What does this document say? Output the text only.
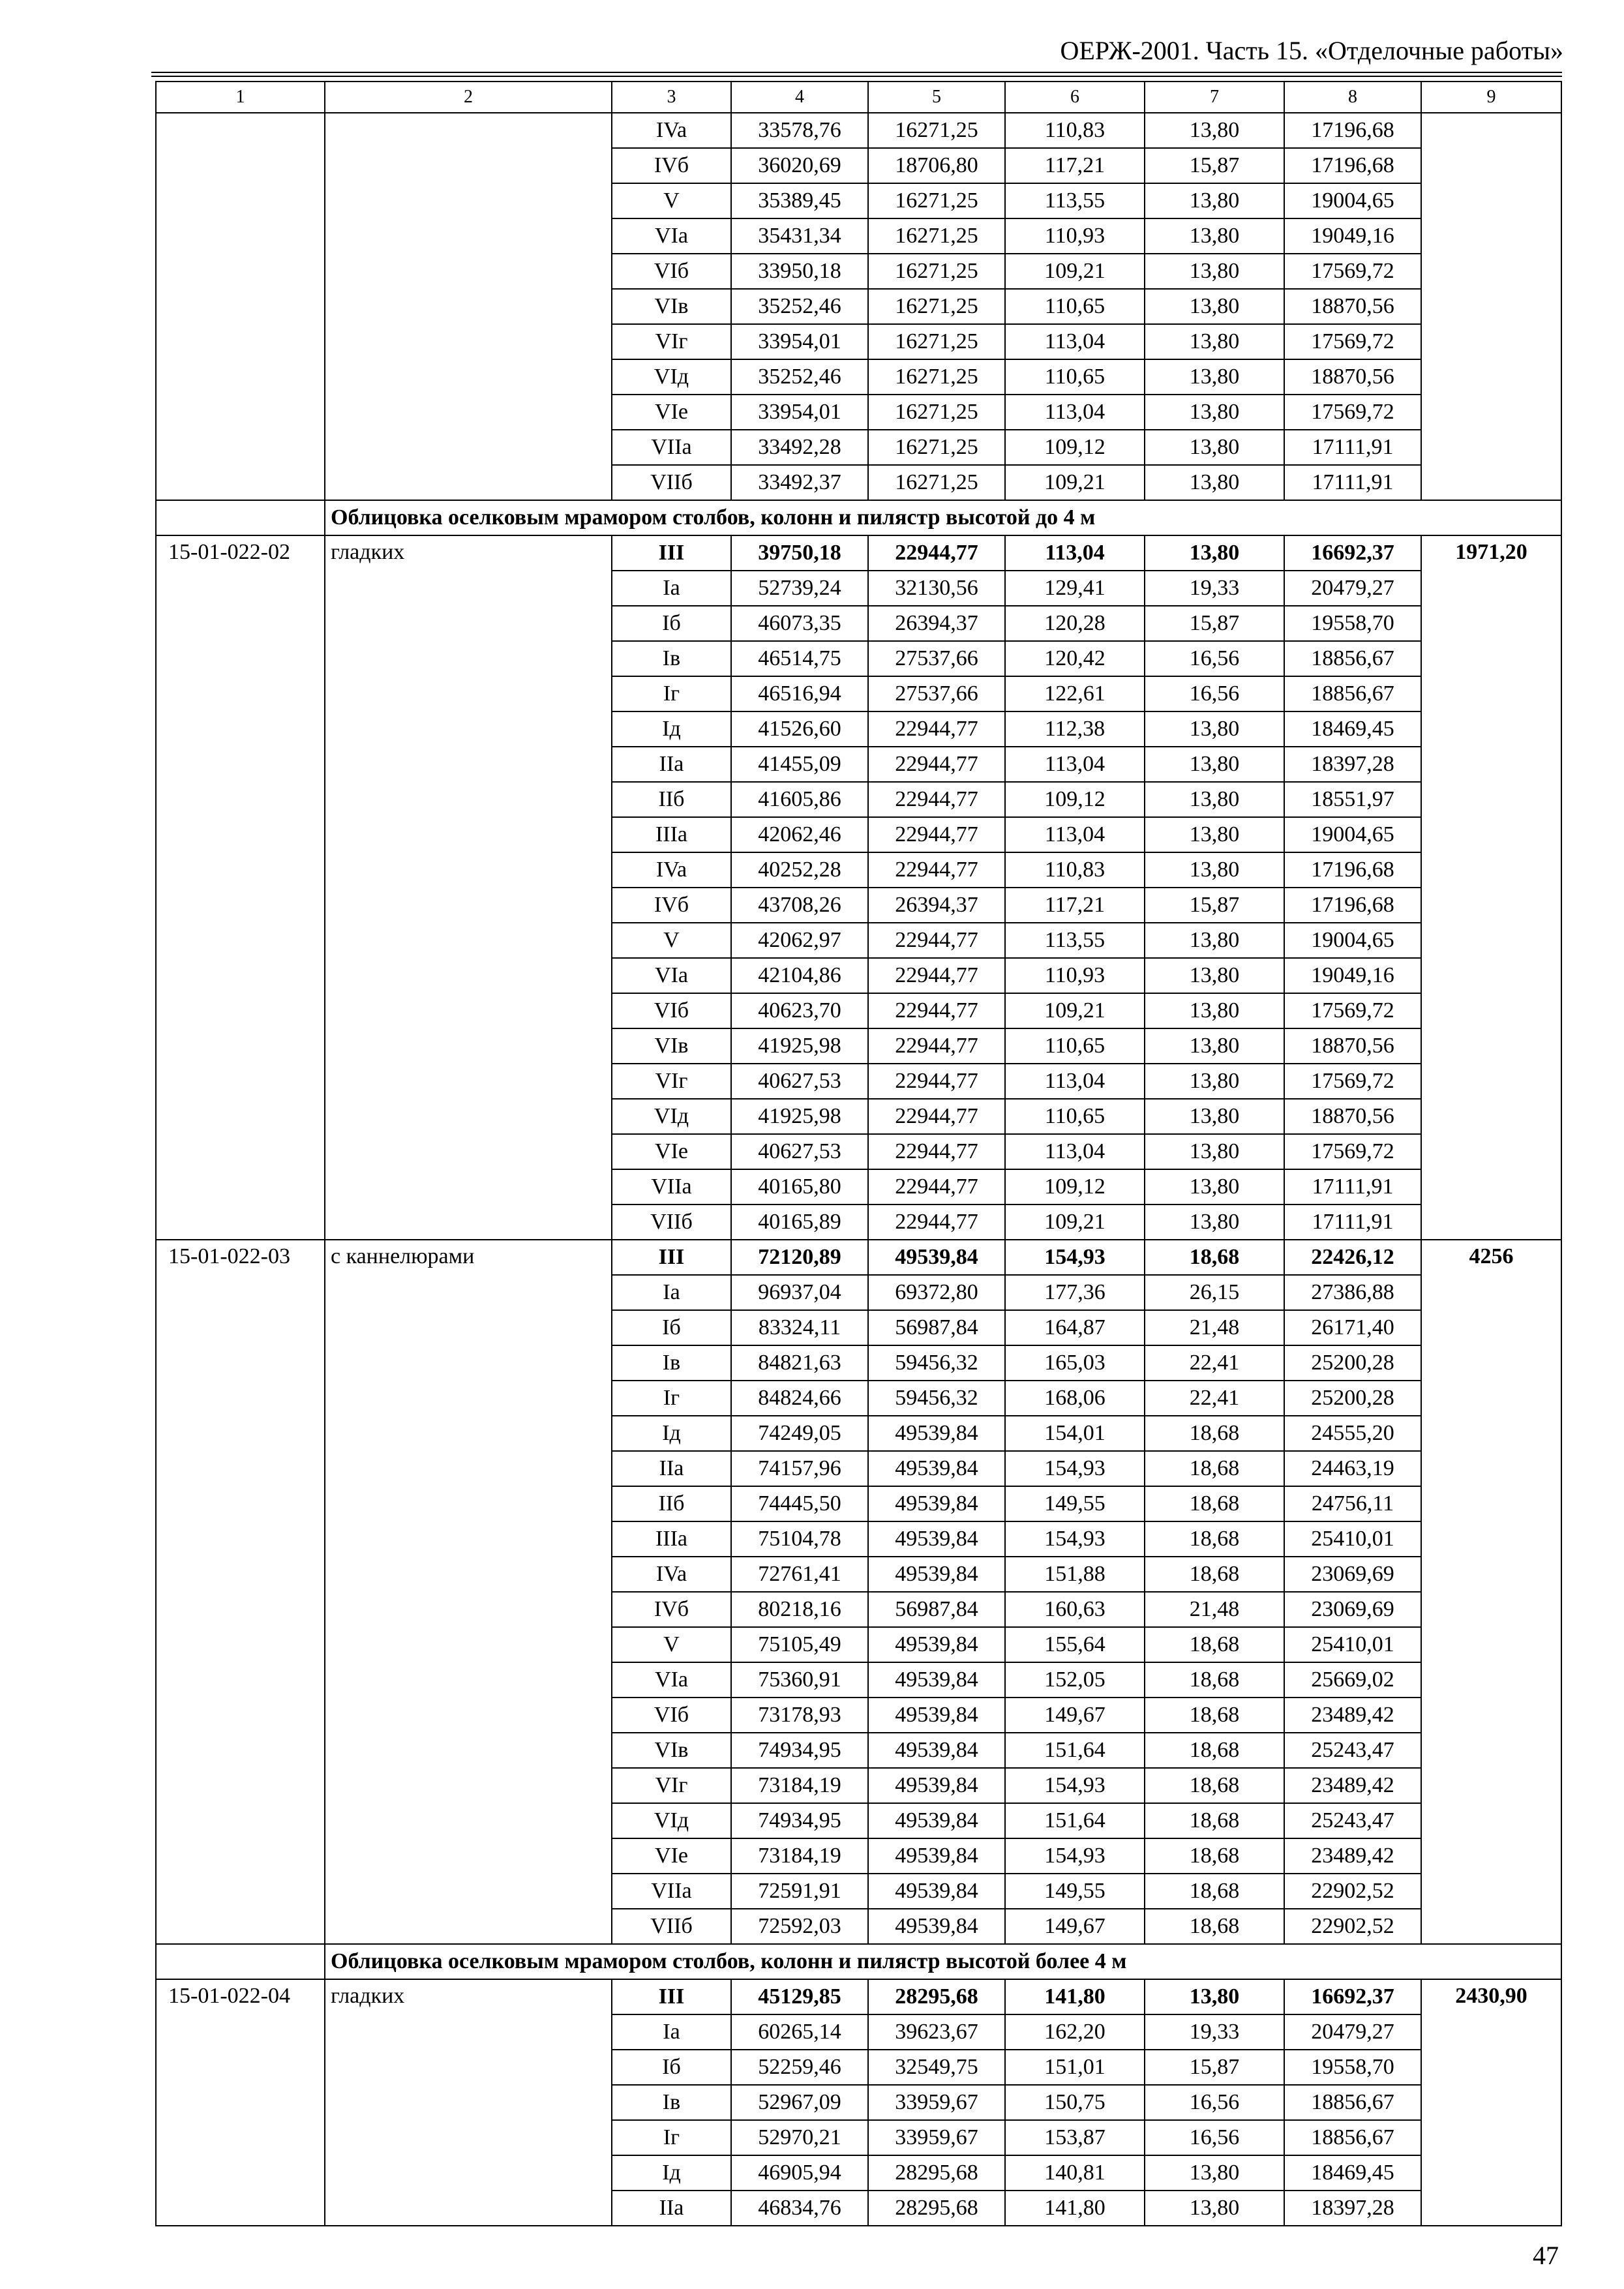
ОЕРЖ-2001. Часть 15. «Отделочные работы»
1	2	3	4	5	6	7	8	9
		IVa	33578,76	16271,25	110,83	13,80	17196,68	
		IVб	36020,69	18706,80	117,21	15,87	17196,68	
		V	35389,45	16271,25	113,55	13,80	19004,65	
		VIa	35431,34	16271,25	110,93	13,80	19049,16	
		VIб	33950,18	16271,25	109,21	13,80	17569,72	
		VIв	35252,46	16271,25	110,65	13,80	18870,56	
		VIг	33954,01	16271,25	113,04	13,80	17569,72	
		VIд	35252,46	16271,25	110,65	13,80	18870,56	
		VIe	33954,01	16271,25	113,04	13,80	17569,72	
		VIIa	33492,28	16271,25	109,12	13,80	17111,91	
		VIIб	33492,37	16271,25	109,21	13,80	17111,91	
	Облицовка оселковым мрамором столбов, колонн и пилястр высотой до 4 м							
15-01-022-02	гладких	III	39750,18	22944,77	113,04	13,80	16692,37	1971,20
		Ia	52739,24	32130,56	129,41	19,33	20479,27	
		Iб	46073,35	26394,37	120,28	15,87	19558,70	
		Iв	46514,75	27537,66	120,42	16,56	18856,67	
		Iг	46516,94	27537,66	122,61	16,56	18856,67	
		Iд	41526,60	22944,77	112,38	13,80	18469,45	
		IIa	41455,09	22944,77	113,04	13,80	18397,28	
		IIб	41605,86	22944,77	109,12	13,80	18551,97	
		IIIa	42062,46	22944,77	113,04	13,80	19004,65	
		IVa	40252,28	22944,77	110,83	13,80	17196,68	
		IVб	43708,26	26394,37	117,21	15,87	17196,68	
		V	42062,97	22944,77	113,55	13,80	19004,65	
		VIa	42104,86	22944,77	110,93	13,80	19049,16	
		VIб	40623,70	22944,77	109,21	13,80	17569,72	
		VIв	41925,98	22944,77	110,65	13,80	18870,56	
		VIг	40627,53	22944,77	113,04	13,80	17569,72	
		VIд	41925,98	22944,77	110,65	13,80	18870,56	
		VIe	40627,53	22944,77	113,04	13,80	17569,72	
		VIIa	40165,80	22944,77	109,12	13,80	17111,91	
		VIIб	40165,89	22944,77	109,21	13,80	17111,91	
15-01-022-03	с каннелюрами	III	72120,89	49539,84	154,93	18,68	22426,12	4256
		Ia	96937,04	69372,80	177,36	26,15	27386,88	
		Iб	83324,11	56987,84	164,87	21,48	26171,40	
		Iв	84821,63	59456,32	165,03	22,41	25200,28	
		Iг	84824,66	59456,32	168,06	22,41	25200,28	
		Iд	74249,05	49539,84	154,01	18,68	24555,20	
		IIa	74157,96	49539,84	154,93	18,68	24463,19	
		IIб	74445,50	49539,84	149,55	18,68	24756,11	
		IIIa	75104,78	49539,84	154,93	18,68	25410,01	
		IVa	72761,41	49539,84	151,88	18,68	23069,69	
		IVб	80218,16	56987,84	160,63	21,48	23069,69	
		V	75105,49	49539,84	155,64	18,68	25410,01	
		VIa	75360,91	49539,84	152,05	18,68	25669,02	
		VIб	73178,93	49539,84	149,67	18,68	23489,42	
		VIв	74934,95	49539,84	151,64	18,68	25243,47	
		VIг	73184,19	49539,84	154,93	18,68	23489,42	
		VIд	74934,95	49539,84	151,64	18,68	25243,47	
		VIe	73184,19	49539,84	154,93	18,68	23489,42	
		VIIa	72591,91	49539,84	149,55	18,68	22902,52	
		VIIб	72592,03	49539,84	149,67	18,68	22902,52	
	Облицовка оселковым мрамором столбов, колонн и пилястр высотой более 4 м							
15-01-022-04	гладких	III	45129,85	28295,68	141,80	13,80	16692,37	2430,90
		Ia	60265,14	39623,67	162,20	19,33	20479,27	
		Iб	52259,46	32549,75	151,01	15,87	19558,70	
		Iв	52967,09	33959,67	150,75	16,56	18856,67	
		Iг	52970,21	33959,67	153,87	16,56	18856,67	
		Iд	46905,94	28295,68	140,81	13,80	18469,45	
		IIa	46834,76	28295,68	141,80	13,80	18397,28	
47
